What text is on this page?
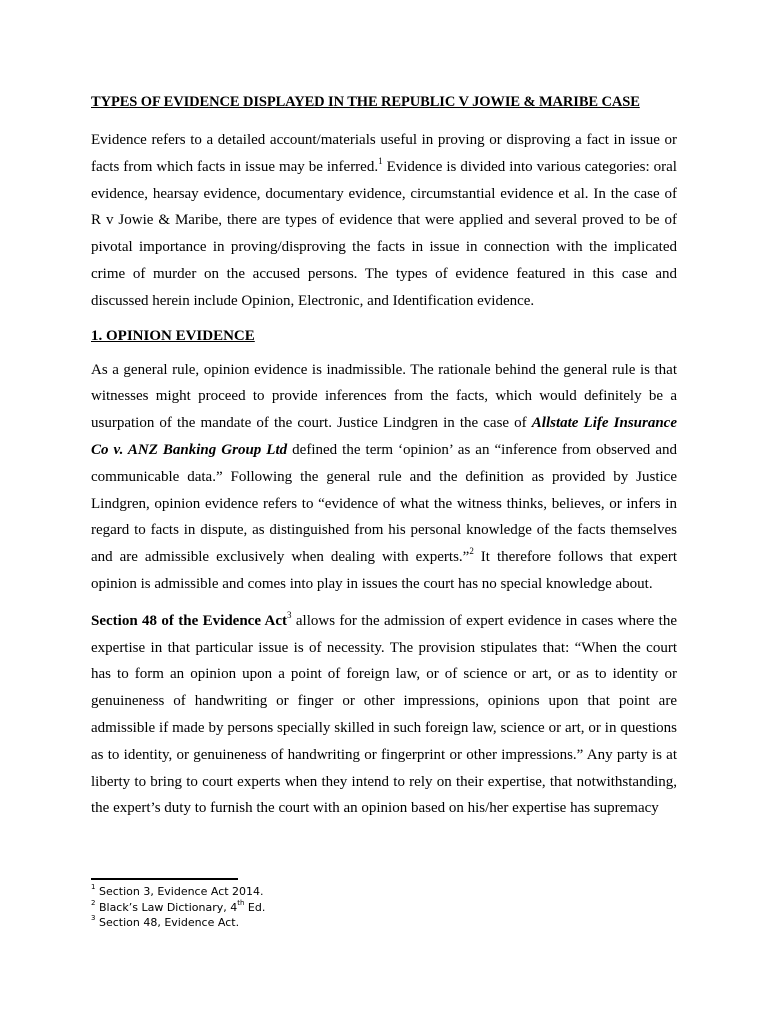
TYPES OF EVIDENCE DISPLAYED IN THE REPUBLIC V JOWIE & MARIBE CASE

Evidence refers to a detailed account/materials useful in proving or disproving a fact in issue or facts from which facts in issue may be inferred.$^1$ Evidence is divided into various categories: oral evidence, hearsay evidence, documentary evidence, circumstantial evidence et al. In the case of R v Jowie & Maribe, there are types of evidence that were applied and several proved to be of pivotal importance in proving/disproving the facts in issue in connection with the implicated crime of murder on the accused persons. The types of evidence featured in this case and discussed herein include Opinion, Electronic, and Identification evidence.

1. OPINION EVIDENCE

As a general rule, opinion evidence is inadmissible. The rationale behind the general rule is that witnesses might proceed to provide inferences from the facts, which would definitely be a usurpation of the mandate of the court. Justice Lindgren in the case of Allstate Life Insurance Co v. ANZ Banking Group Ltd defined the term ‘opinion’ as an “inference from observed and communicable data.” Following the general rule and the definition as provided by Justice Lindgren, opinion evidence refers to “evidence of what the witness thinks, believes, or infers in regard to facts in dispute, as distinguished from his personal knowledge of the facts themselves and are admissible exclusively when dealing with experts.”$^2$ It therefore follows that expert opinion is admissible and comes into play in issues the court has no special knowledge about.

Section 48 of the Evidence Act$^3$ allows for the admission of expert evidence in cases where the expertise in that particular issue is of necessity. The provision stipulates that: “When the court has to form an opinion upon a point of foreign law, or of science or art, or as to identity or genuineness of handwriting or finger or other impressions, opinions upon that point are admissible if made by persons specially skilled in such foreign law, science or art, or in questions as to identity, or genuineness of handwriting or fingerprint or other impressions.” Any party is at liberty to bring to court experts when they intend to rely on their expertise, that notwithstanding, the expert’s duty to furnish the court with an opinion based on his/her expertise has supremacy

$^1$ Section 3, Evidence Act 2014.
$^2$ Black’s Law Dictionary, 4th Ed.
$^3$ Section 48, Evidence Act.
